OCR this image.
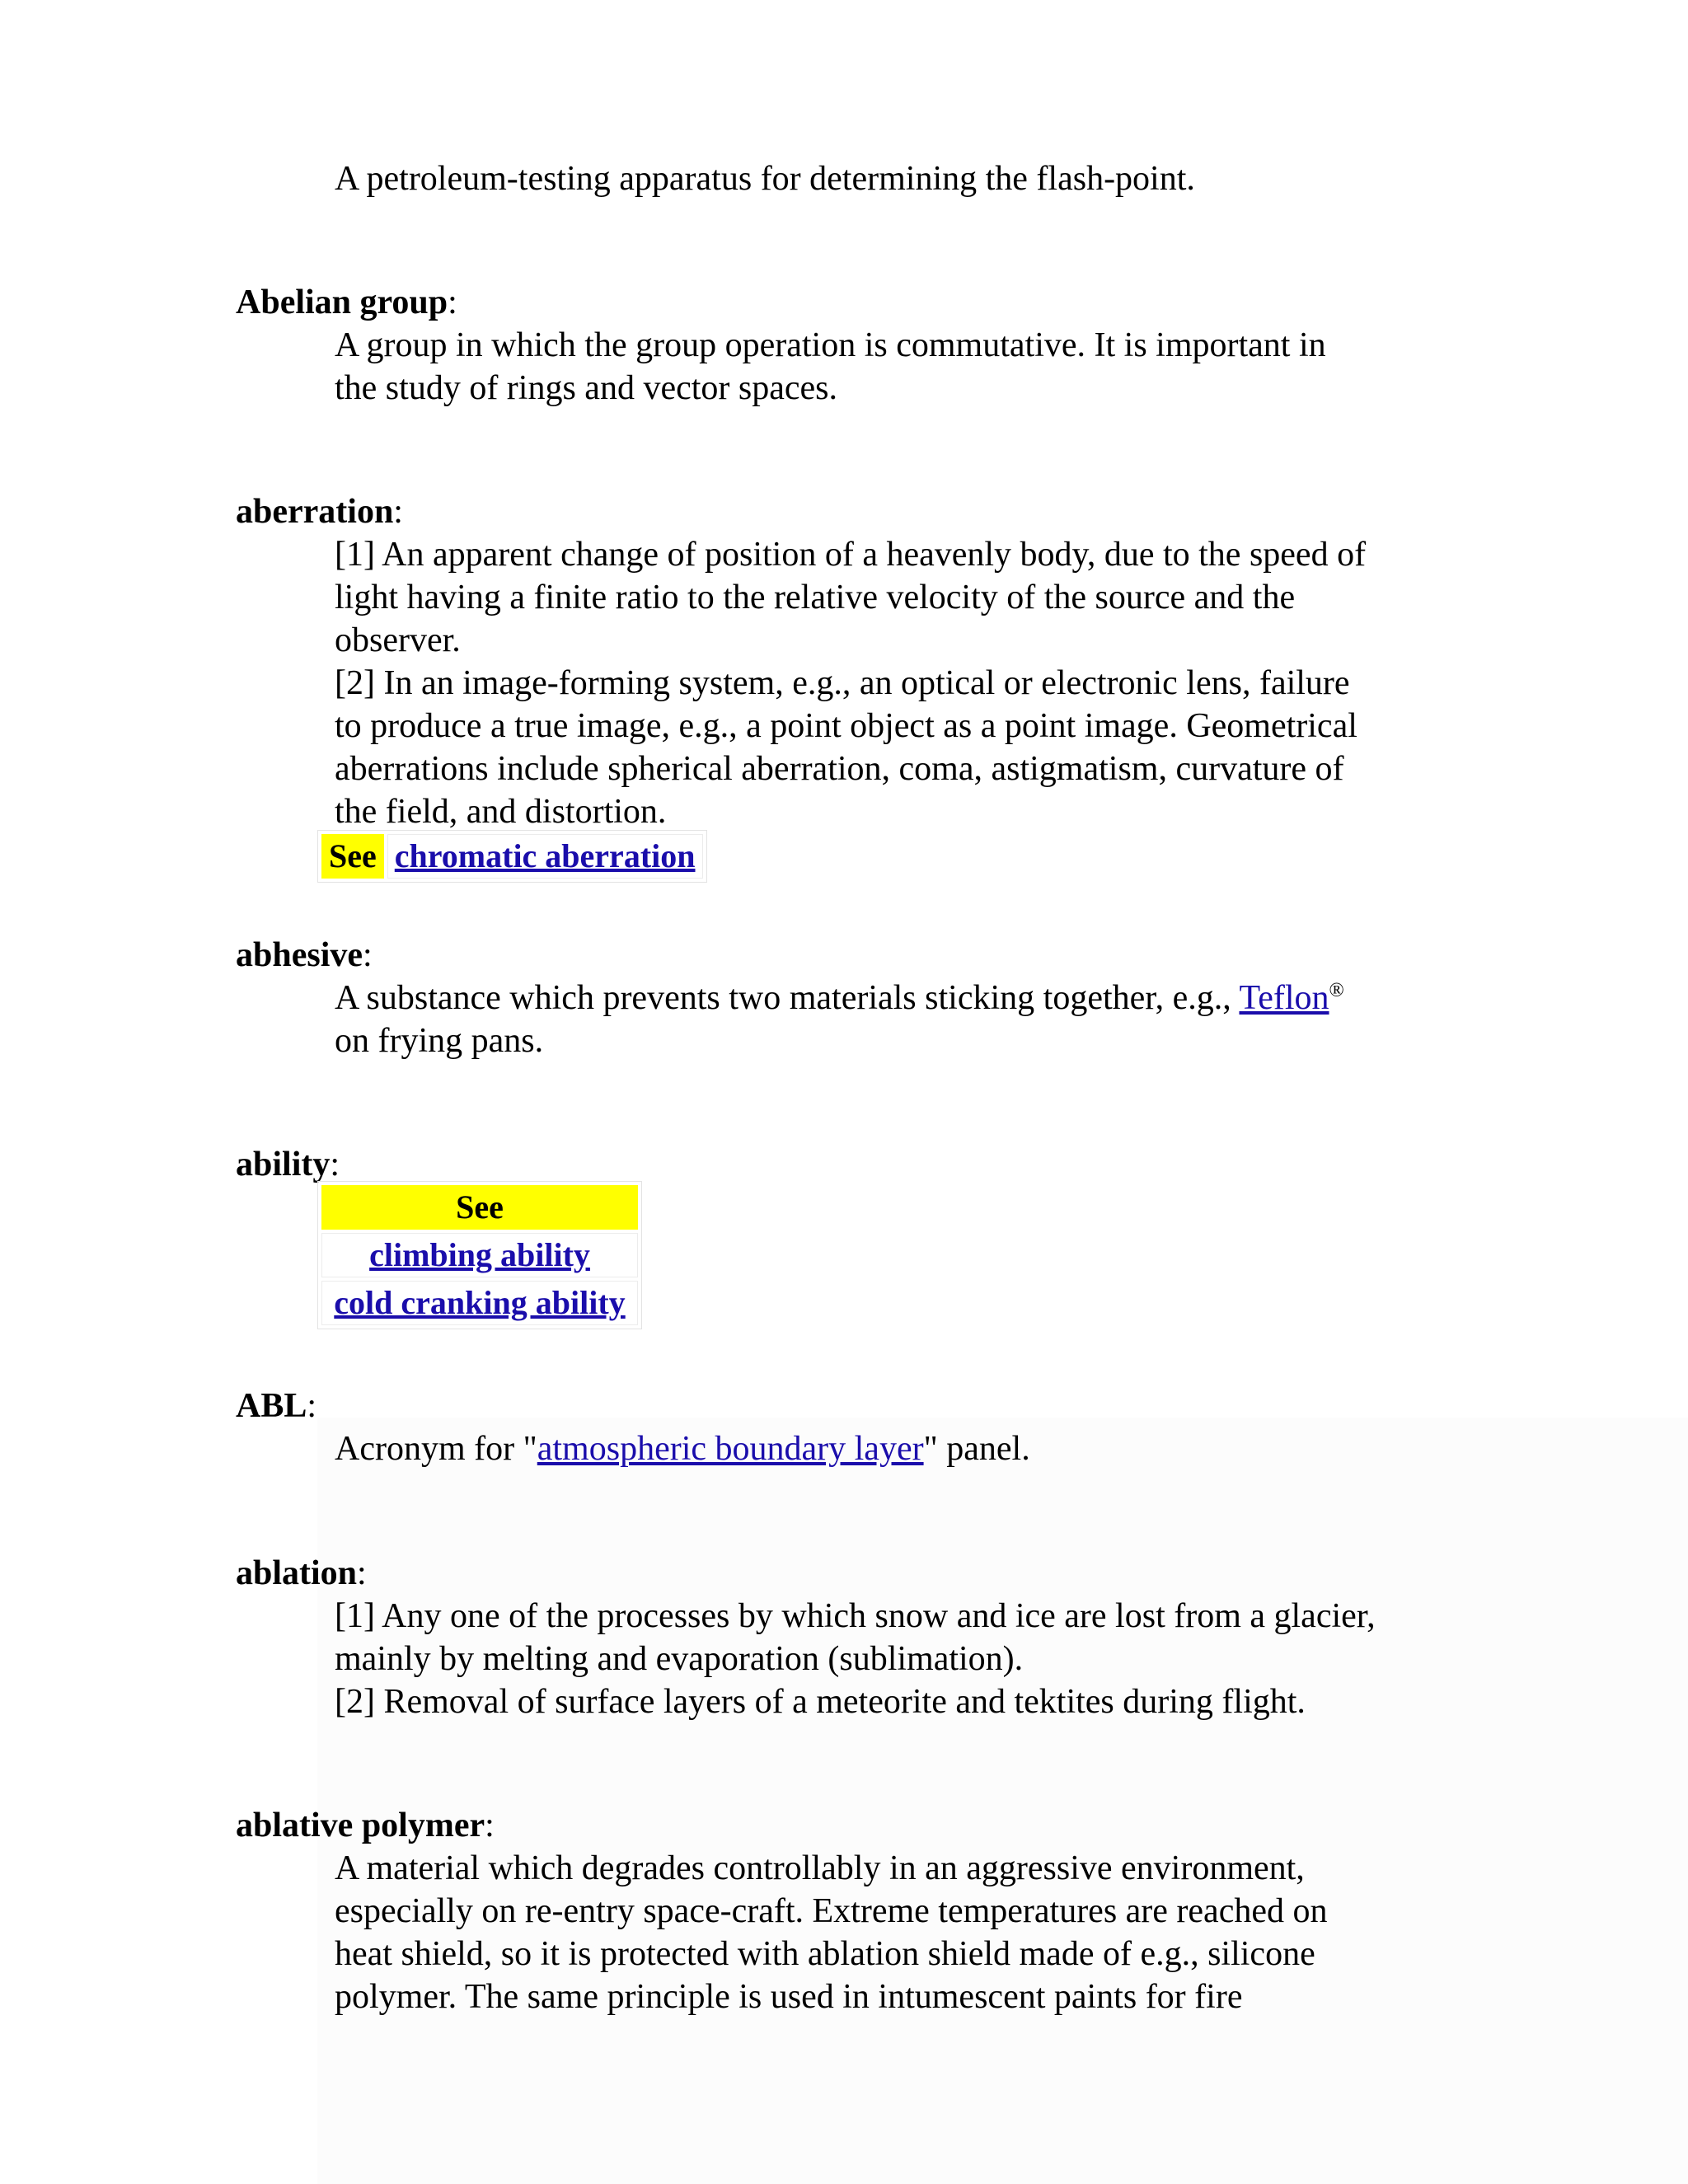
A petroleum-testing apparatus for determining the flash-point.
Abelian group:
A group in which the group operation is commutative. It is important in
the study of rings and vector spaces.
aberration:
[1] An apparent change of position of a heavenly body, due to the speed of
light having a finite ratio to the relative velocity of the source and the
observer.
[2] In an image-forming system, e.g., an optical or electronic lens, failure
to produce a true image, e.g., a point object as a point image. Geometrical
aberrations include spherical aberration, coma, astigmatism, curvature of
the field, and distortion.
See	chromatic aberration
abhesive:
A substance which prevents two materials sticking together, e.g., Teflon®
on frying pans.
ability:
See
climbing ability
cold cranking ability
ABL:
Acronym for "atmospheric boundary layer" panel.
ablation:
[1] Any one of the processes by which snow and ice are lost from a glacier,
mainly by melting and evaporation (sublimation).
[2] Removal of surface layers of a meteorite and tektites during flight.
ablative polymer:
A material which degrades controllably in an aggressive environment,
especially on re-entry space-craft. Extreme temperatures are reached on
heat shield, so it is protected with ablation shield made of e.g., silicone
polymer. The same principle is used in intumescent paints for fire
